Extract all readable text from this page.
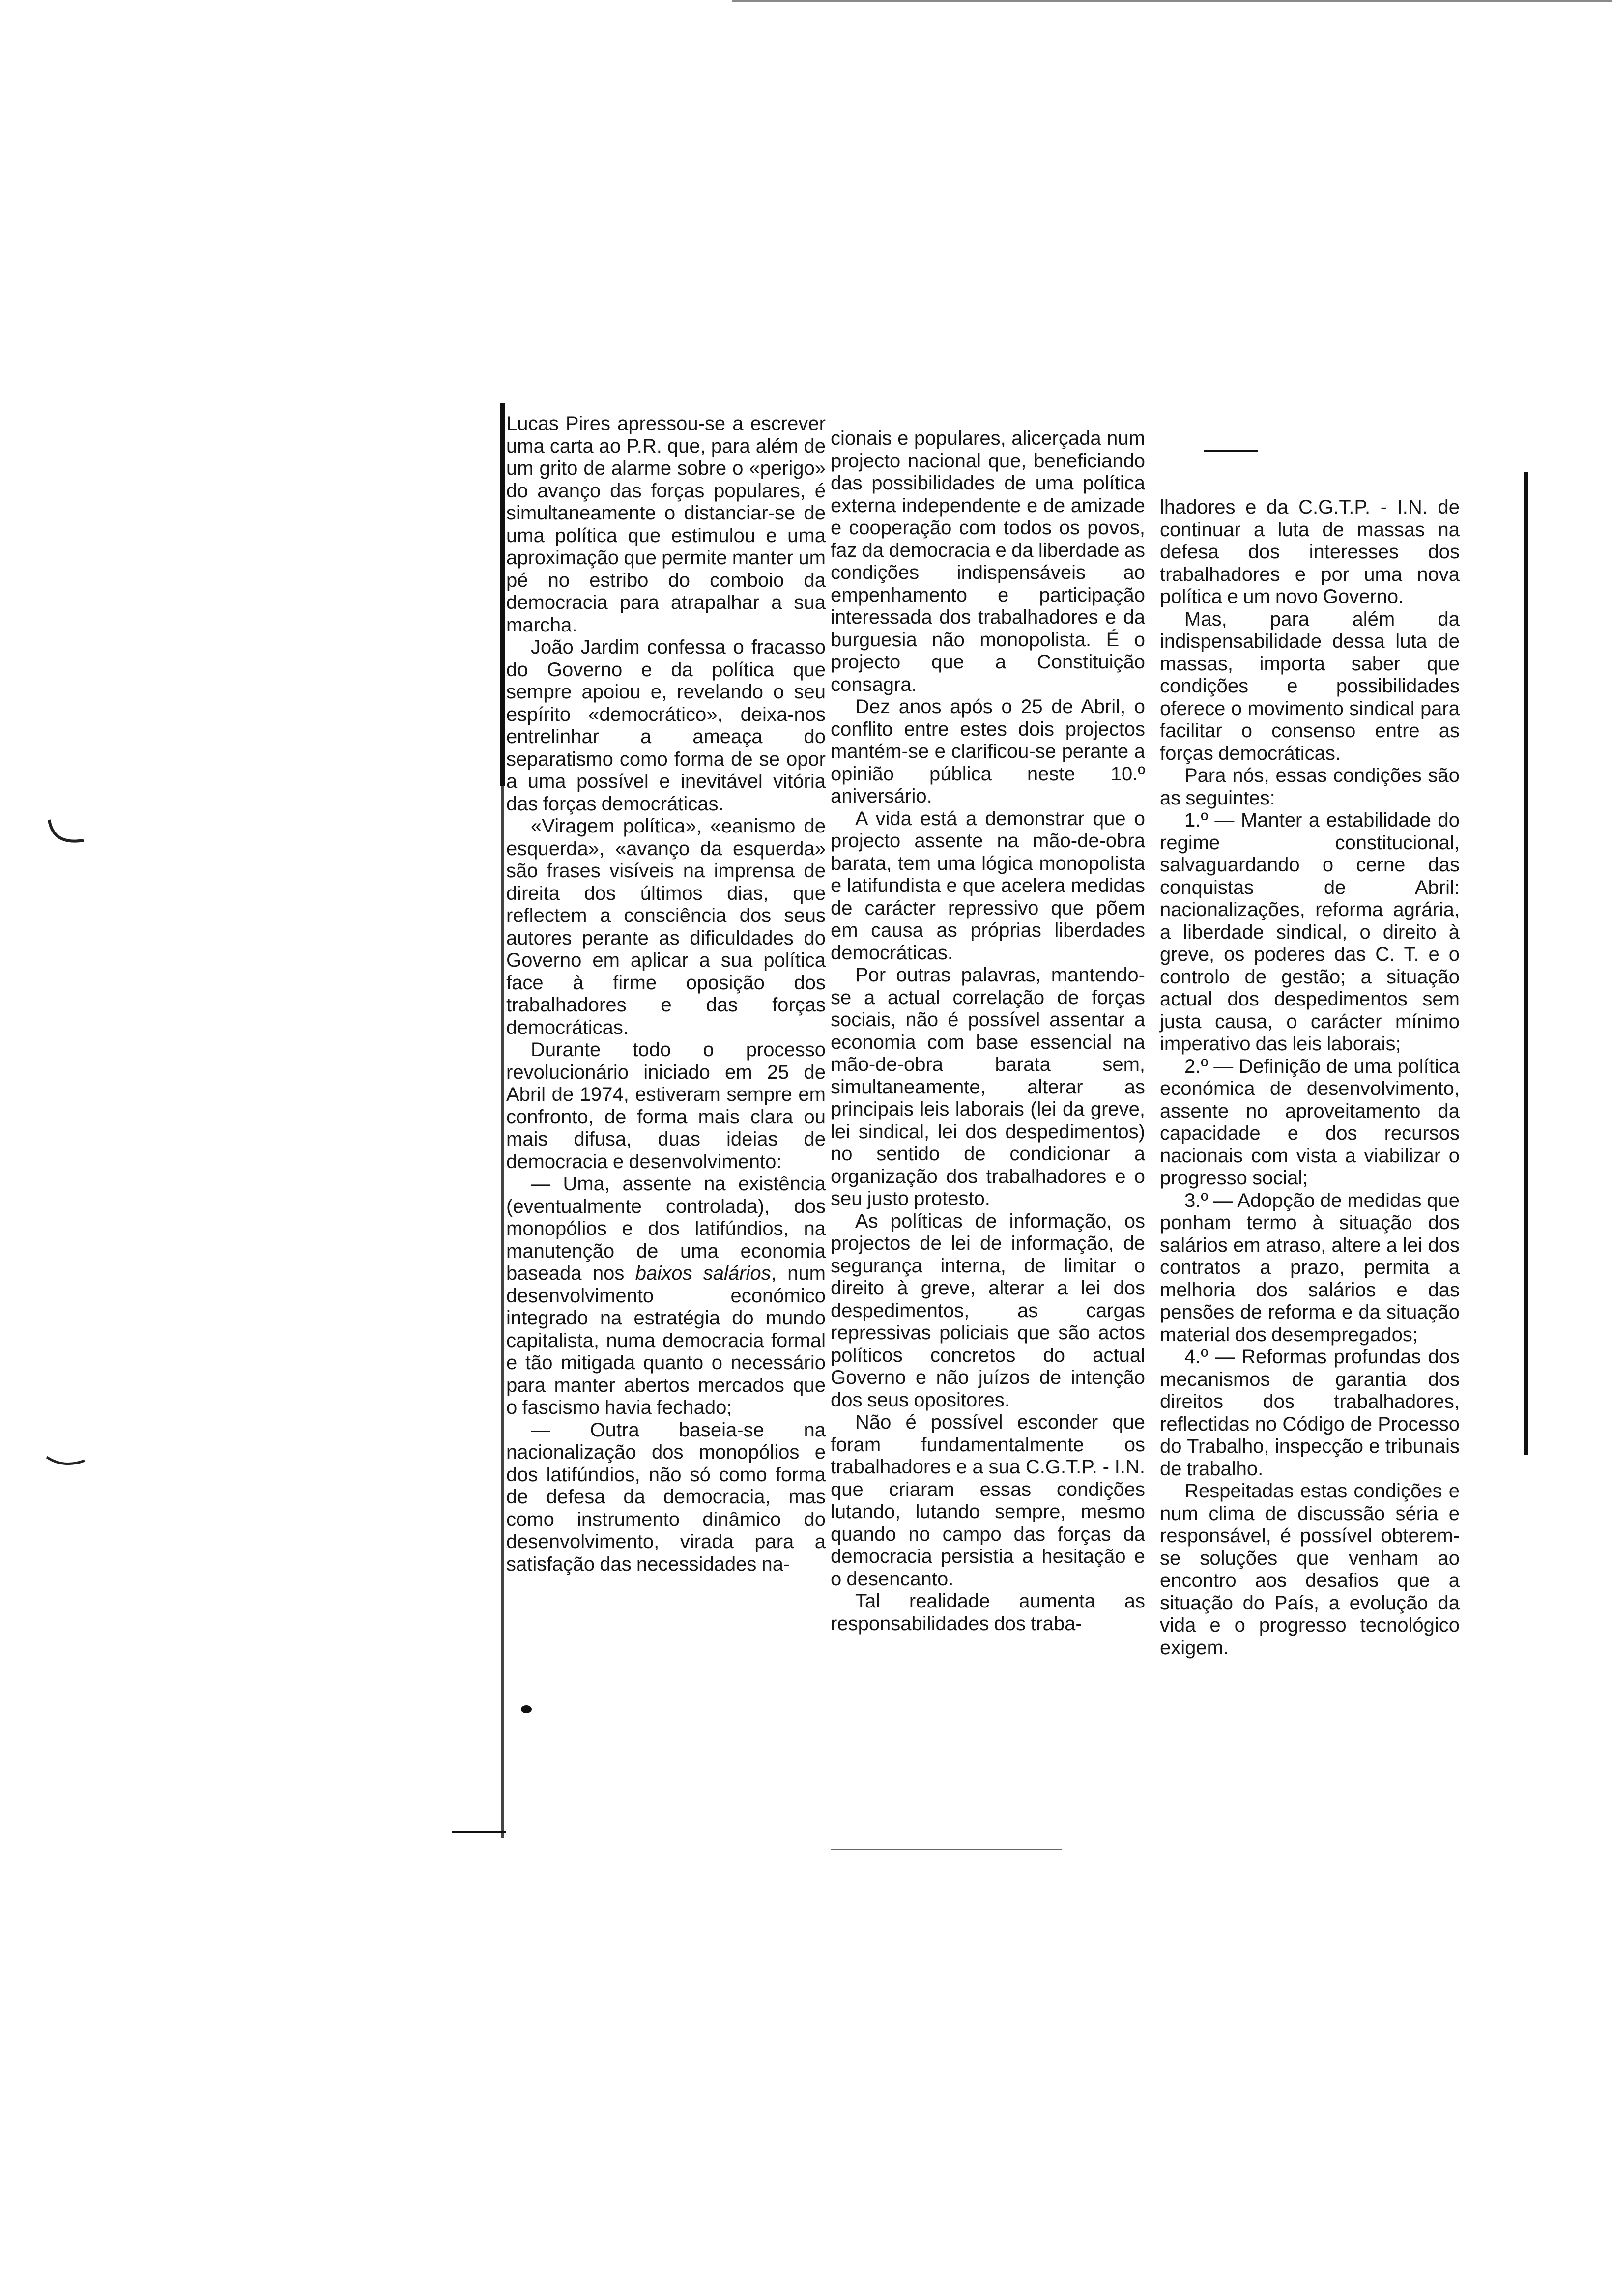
Lucas Pires apressou-se a escrever uma carta ao P.R. que, para além de um grito de alarme sobre o «perigo» do avanço das forças populares, é simultaneamente o distanciar-se de uma política que estimulou e uma aproximação que permite manter um pé no estribo do comboio da democracia para atrapalhar a sua marcha.

João Jardim confessa o fracasso do Governo e da política que sempre apoiou e, revelando o seu espírito «democrático», deixa-nos entrelinhar a ameaça do separatismo como forma de se opor a uma possível e inevitável vitória das forças democráticas.

«Viragem política», «eanismo de esquerda», «avanço da esquerda» são frases visíveis na imprensa de direita dos últimos dias, que reflectem a consciência dos seus autores perante as dificuldades do Governo em aplicar a sua política face à firme oposição dos trabalhadores e das forças democráticas.

Durante todo o processo revolucionário iniciado em 25 de Abril de 1974, estiveram sempre em confronto, de forma mais clara ou mais difusa, duas ideias de democracia e desenvolvimento:

— Uma, assente na existência (eventualmente controlada), dos monopólios e dos latifúndios, na manutenção de uma economia baseada nos baixos salários, num desenvolvimento económico integrado na estratégia do mundo capitalista, numa democracia formal e tão mitigada quanto o necessário para manter abertos mercados que o fascismo havia fechado;

— Outra baseia-se na nacionalização dos monopólios e dos latifúndios, não só como forma de defesa da democracia, mas como instrumento dinâmico do desenvolvimento, virada para a satisfação das necessidades na-

cionais e populares, alicerçada num projecto nacional que, beneficiando das possibilidades de uma política externa independente e de amizade e cooperação com todos os povos, faz da democracia e da liberdade as condições indispensáveis ao empenhamento e participação interessada dos trabalhadores e da burguesia não monopolista. É o projecto que a Constituição consagra.

Dez anos após o 25 de Abril, o conflito entre estes dois projectos mantém-se e clarificou-se perante a opinião pública neste 10.º aniversário.

A vida está a demonstrar que o projecto assente na mão-de-obra barata, tem uma lógica monopolista e latifundista e que acelera medidas de carácter repressivo que põem em causa as próprias liberdades democráticas.

Por outras palavras, mantendo-se a actual correlação de forças sociais, não é possível assentar a economia com base essencial na mão-de-obra barata sem, simultaneamente, alterar as principais leis laborais (lei da greve, lei sindical, lei dos despedimentos) no sentido de condicionar a organização dos trabalhadores e o seu justo protesto.

As políticas de informação, os projectos de lei de informação, de segurança interna, de limitar o direito à greve, alterar a lei dos despedimentos, as cargas repressivas policiais que são actos políticos concretos do actual Governo e não juízos de intenção dos seus opositores.

Não é possível esconder que foram fundamentalmente os trabalhadores e a sua C.G.T.P. - I.N. que criaram essas condições lutando, lutando sempre, mesmo quando no campo das forças da democracia persistia a hesitação e o desencanto.

Tal realidade aumenta as responsabilidades dos traba-

lhadores e da C.G.T.P. - I.N. de continuar a luta de massas na defesa dos interesses dos trabalhadores e por uma nova política e um novo Governo.

Mas, para além da indispensabilidade dessa luta de massas, importa saber que condições e possibilidades oferece o movimento sindical para facilitar o consenso entre as forças democráticas.

Para nós, essas condições são as seguintes:

1.º — Manter a estabilidade do regime constitucional, salvaguardando o cerne das conquistas de Abril: nacionalizações, reforma agrária, a liberdade sindical, o direito à greve, os poderes das C. T. e o controlo de gestão; a situação actual dos despedimentos sem justa causa, o carácter mínimo imperativo das leis laborais;

2.º — Definição de uma política económica de desenvolvimento, assente no aproveitamento da capacidade e dos recursos nacionais com vista a viabilizar o progresso social;

3.º — Adopção de medidas que ponham termo à situação dos salários em atraso, altere a lei dos contratos a prazo, permita a melhoria dos salários e das pensões de reforma e da situação material dos desempregados;

4.º — Reformas profundas dos mecanismos de garantia dos direitos dos trabalhadores, reflectidas no Código de Processo do Trabalho, inspecção e tribunais de trabalho.

Respeitadas estas condições e num clima de discussão séria e responsável, é possível obterem-se soluções que venham ao encontro aos desafios que a situação do País, a evolução da vida e o progresso tecnológico exigem.
